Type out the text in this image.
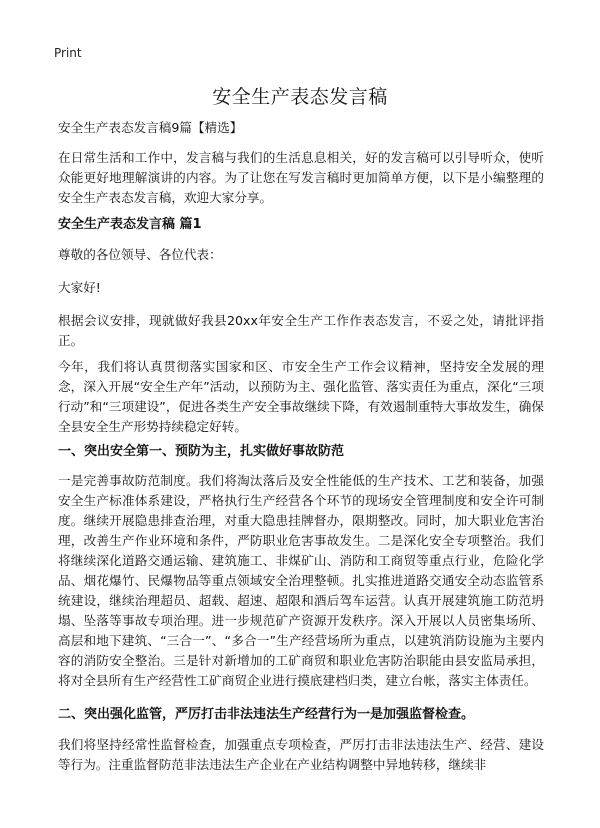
Print
安全生产表态发言稿
安全生产表态发言稿9篇【精选】
在日常生活和工作中，发言稿与我们的生活息息相关，好的发言稿可以引导听众，使听众能更好地理解演讲的内容。为了让您在写发言稿时更加简单方便，以下是小编整理的安全生产表态发言稿，欢迎大家分享。
安全生产表态发言稿 篇1
尊敬的各位领导、各位代表：
大家好!
根据会议安排，现就做好我县20xx年安全生产工作作表态发言，不妥之处，请批评指正。
今年，我们将认真贯彻落实国家和区、市安全生产工作会议精神，坚持安全发展的理念，深入开展“安全生产年”活动，以预防为主、强化监管、落实责任为重点，深化“三项行动”和“三项建设”，促进各类生产安全事故继续下降，有效遏制重特大事故发生，确保全县安全生产形势持续稳定好转。
一、突出安全第一、预防为主，扎实做好事故防范
一是完善事故防范制度。我们将淘汰落后及安全性能低的生产技术、工艺和装备，加强安全生产标准体系建设，严格执行生产经营各个环节的现场安全管理制度和安全许可制度。继续开展隐患排查治理，对重大隐患挂牌督办，限期整改。同时，加大职业危害治理，改善生产作业环境和条件，严防职业危害事故发生。二是深化安全专项整治。我们将继续深化道路交通运输、建筑施工、非煤矿山、消防和工商贸等重点行业，危险化学品、烟花爆竹、民爆物品等重点领域安全治理整顿。扎实推进道路交通安全动态监管系统建设，继续治理超员、超载、超速、超限和酒后驾车运营。认真开展建筑施工防范坍塌、坠落等事故专项治理。进一步规范矿产资源开发秩序。深入开展以人员密集场所、高层和地下建筑、“三合一”、“多合一”生产经营场所为重点，以建筑消防设施为主要内容的消防安全整治。三是针对新增加的工矿商贸和职业危害防治职能由县安监局承担，将对全县所有生产经营性工矿商贸企业进行摸底建档归类，建立台帐，落实主体责任。
二、突出强化监管，严厉打击非法违法生产经营行为一是加强监督检查。
我们将坚持经常性监督检查，加强重点专项检查，严厉打击非法违法生产、经营、建设等行为。注重监督防范非法违法生产企业在产业结构调整中异地转移，继续非
